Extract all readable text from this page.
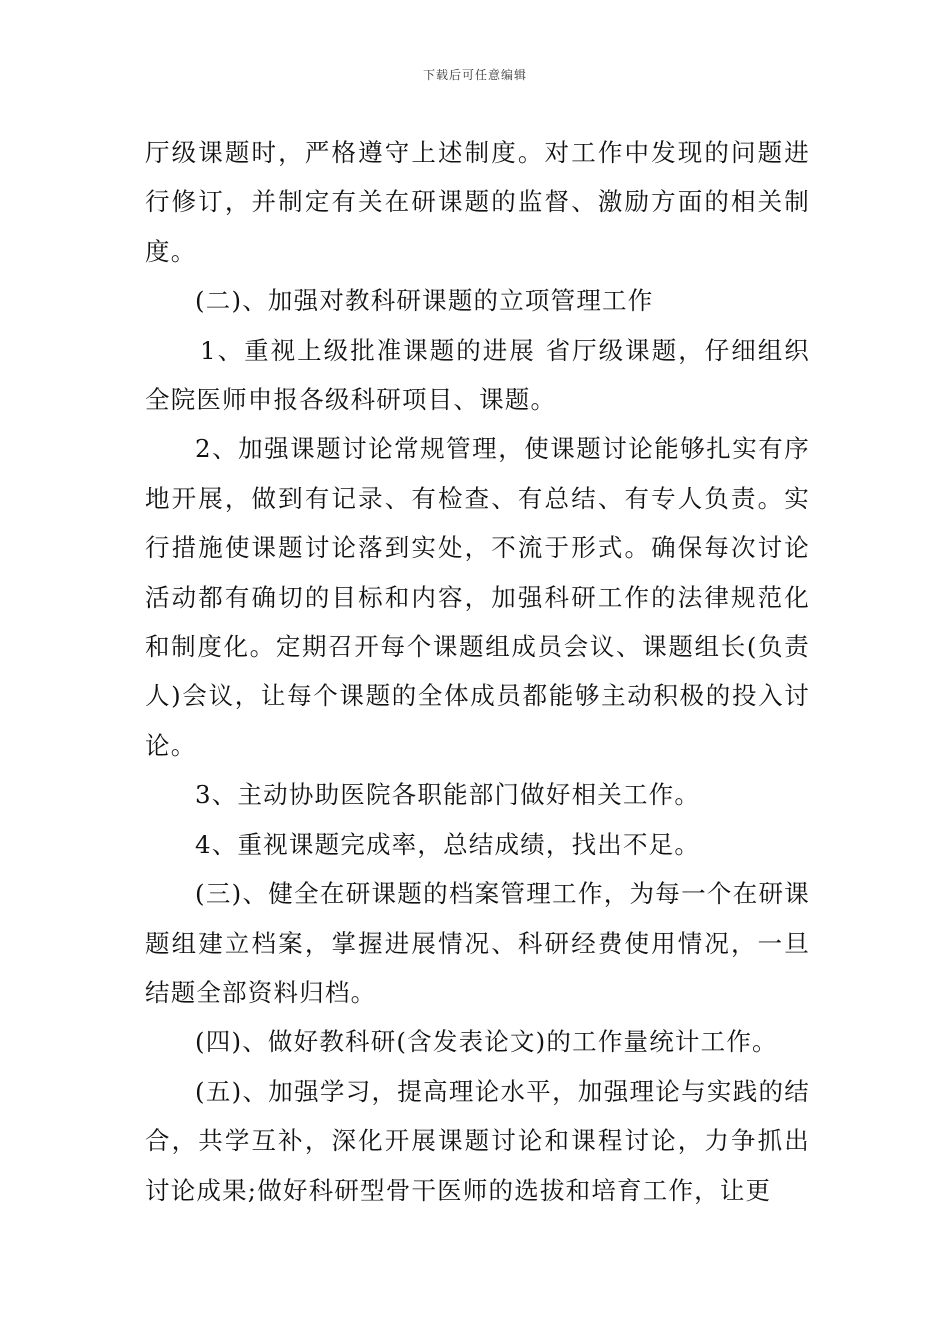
下载后可任意编辑

厅级课题时，严格遵守上述制度。对工作中发现的问题进行修订，并制定有关在研课题的监督、激励方面的相关制度。

(二)、加强对教科研课题的立项管理工作

1、重视上级批准课题的进展 省厅级课题，仔细组织全院医师申报各级科研项目、课题。

2、加强课题讨论常规管理，使课题讨论能够扎实有序地开展，做到有记录、有检查、有总结、有专人负责。实行措施使课题讨论落到实处，不流于形式。确保每次讨论活动都有确切的目标和内容，加强科研工作的法律规范化和制度化。定期召开每个课题组成员会议、课题组长(负责人)会议，让每个课题的全体成员都能够主动积极的投入讨论。

3、主动协助医院各职能部门做好相关工作。

4、重视课题完成率，总结成绩，找出不足。

(三)、健全在研课题的档案管理工作，为每一个在研课题组建立档案，掌握进展情况、科研经费使用情况，一旦结题全部资料归档。

(四)、做好教科研(含发表论文)的工作量统计工作。

(五)、加强学习，提高理论水平，加强理论与实践的结合，共学互补，深化开展课题讨论和课程讨论，力争抓出讨论成果;做好科研型骨干医师的选拔和培育工作，让更
